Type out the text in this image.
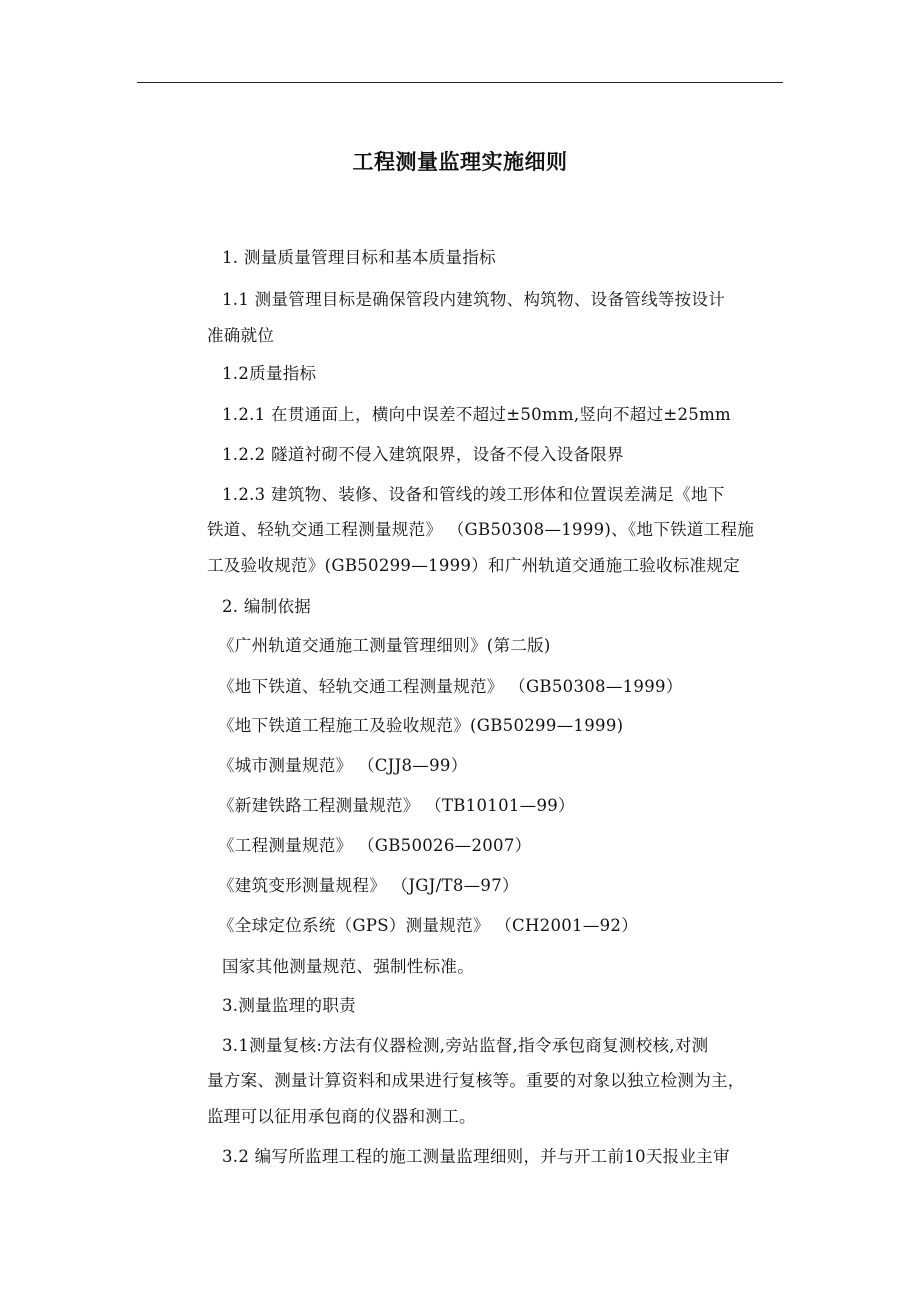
工程测量监理实施细则
1. 测量质量管理目标和基本质量指标
1.1 测量管理目标是确保管段内建筑物、构筑物、设备管线等按设计
准确就位
1.2质量指标
1.2.1 在贯通面上，横向中误差不超过±50mm,竖向不超过±25mm
1.2.2 隧道衬砌不侵入建筑限界，设备不侵入设备限界
1.2.3 建筑物、装修、设备和管线的竣工形体和位置误差满足《地下
铁道、轻轨交通工程测量规范》 （GB50308—1999)、《地下铁道工程施
工及验收规范》(GB50299—1999）和广州轨道交通施工验收标准规定
2. 编制依据
《广州轨道交通施工测量管理细则》(第二版)
《地下铁道、轻轨交通工程测量规范》 （GB50308—1999）
《地下铁道工程施工及验收规范》(GB50299—1999)
《城市测量规范》 （CJJ8—99）
《新建铁路工程测量规范》 （TB10101—99）
《工程测量规范》 （GB50026—2007）
《建筑变形测量规程》 （JGJ/T8—97）
《全球定位系统（GPS）测量规范》 （CH2001—92）
国家其他测量规范、强制性标准。
3.测量监理的职责
3.1测量复核:方法有仪器检测,旁站监督,指令承包商复测校核,对测
量方案、测量计算资料和成果进行复核等。重要的对象以独立检测为主，
监理可以征用承包商的仪器和测工。
3.2 编写所监理工程的施工测量监理细则，并与开工前10天报业主审
